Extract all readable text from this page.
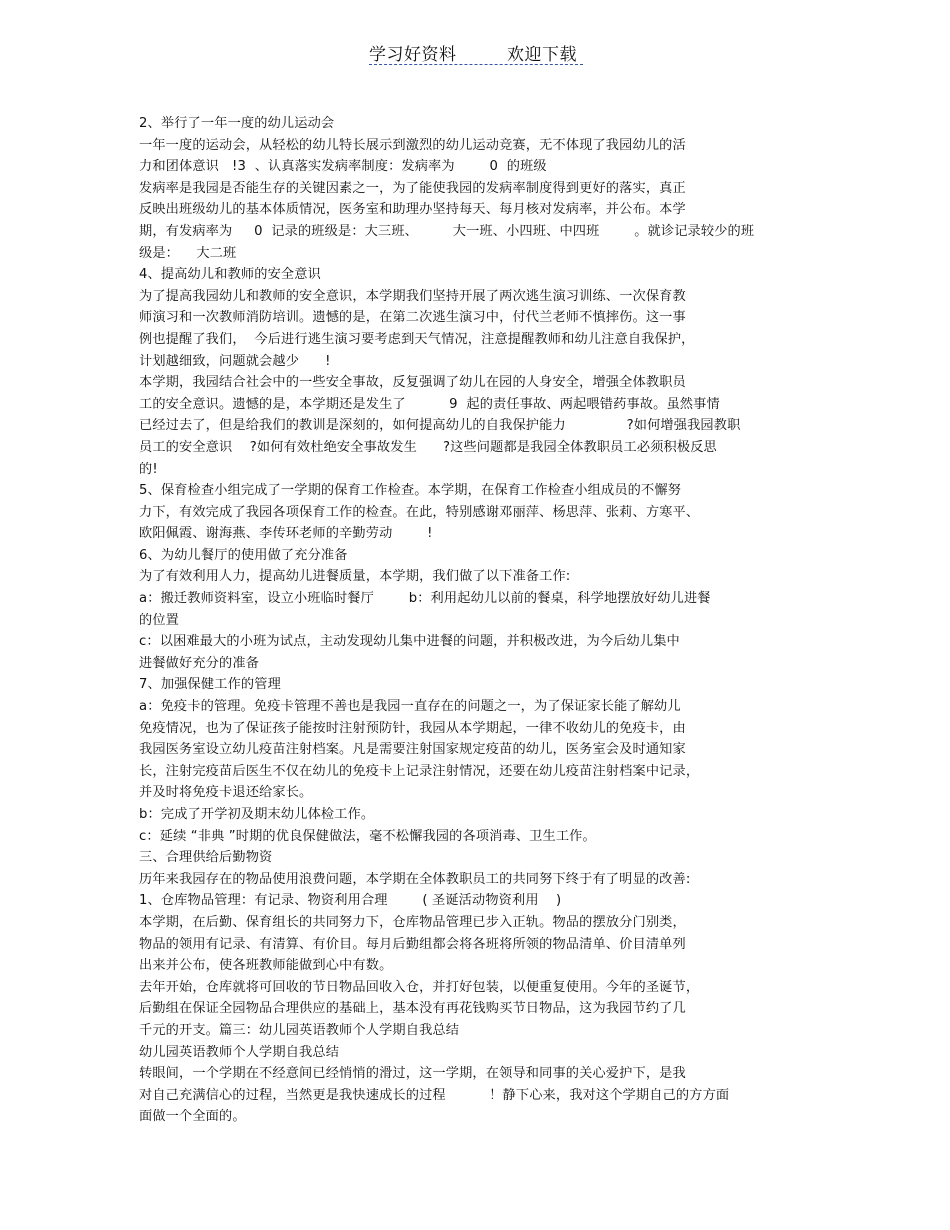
学习好资料	欢迎下载
2、举行了一年一度的幼儿运动会
一年一度的运动会，从轻松的幼儿特长展示到激烈的幼儿运动竞赛，无不体现了我园幼儿的活
力和团体意识   !3  、认真落实发病率制度：发病率为        0  的班级
发病率是我园是否能生存的关键因素之一，为了能使我园的发病率制度得到更好的落实，真正
反映出班级幼儿的基本体质情况，医务室和助理办坚持每天、每月核对发病率，并公布。本学
期，有发病率为     0  记录的班级是：大三班、        大一班、小四班、中四班        。就诊记录较少的班
级是：    大二班
4、提高幼儿和教师的安全意识
为了提高我园幼儿和教师的安全意识，本学期我们坚持开展了两次逃生演习训练、一次保育教
师演习和一次教师消防培训。遗憾的是，在第二次逃生演习中，付代兰老师不慎摔伤。这一事
例也提醒了我们，  今后进行逃生演习要考虑到天气情况，注意提醒教师和幼儿注意自我保护，
计划越细致，问题就会越少      !
本学期，我园结合社会中的一些安全事故，反复强调了幼儿在园的人身安全，增强全体教职员
工的安全意识。遗憾的是，本学期还是发生了          9  起的责任事故、两起喂错药事故。虽然事情
已经过去了，但是给我们的教训是深刻的，如何提高幼儿的自我保护能力              ?如何增强我园教职
员工的安全意识    ?如何有效杜绝安全事故发生      ?这些问题都是我园全体教职员工必须积极反思
的!
5、保育检查小组完成了一学期的保育工作检查。本学期，在保育工作检查小组成员的不懈努
力下，有效完成了我园各项保育工作的检查。在此，特别感谢邓丽萍、杨思萍、张莉、方寒平、
欧阳佩霞、谢海燕、李传环老师的辛勤劳动        !
6、为幼儿餐厅的使用做了充分准备
为了有效利用人力，提高幼儿进餐质量，本学期，我们做了以下准备工作:
a：搬迁教师资料室，设立小班临时餐厅        b：利用起幼儿以前的餐桌，科学地摆放好幼儿进餐
的位置
c：以困难最大的小班为试点，主动发现幼儿集中进餐的问题，并积极改进，为今后幼儿集中
进餐做好充分的准备
7、加强保健工作的管理
a：免疫卡的管理。免疫卡管理不善也是我园一直存在的问题之一，为了保证家长能了解幼儿
免疫情况，也为了保证孩子能按时注射预防针，我园从本学期起，一律不收幼儿的免疫卡，由
我园医务室设立幼儿疫苗注射档案。凡是需要注射国家规定疫苗的幼儿，医务室会及时通知家
长，注射完疫苗后医生不仅在幼儿的免疫卡上记录注射情况，还要在幼儿疫苗注射档案中记录，
并及时将免疫卡退还给家长。
b：完成了开学初及期末幼儿体检工作。
c：延续 “非典 ”时期的优良保健做法，毫不松懈我园的各项消毒、卫生工作。
三、合理供给后勤物资
历年来我园存在的物品使用浪费问题，本学期在全体教职员工的共同努下终于有了明显的改善:
1、仓库物品管理：有记录、物资利用合理        ( 圣诞活动物资利用    )
本学期，在后勤、保育组长的共同努力下，仓库物品管理已步入正轨。物品的摆放分门别类，
物品的领用有记录、有清算、有价目。每月后勤组都会将各班将所领的物品清单、价目清单列
出来并公布，使各班教师能做到心中有数。
去年开始，仓库就将可回收的节日物品回收入仓，并打好包装，以便重复使用。今年的圣诞节，
后勤组在保证全园物品合理供应的基础上，基本没有再花钱购买节日物品，这为我园节约了几
千元的开支。篇三：幼儿园英语教师个人学期自我总结
幼儿园英语教师个人学期自我总结
转眼间，一个学期在不经意间已经悄悄的滑过，这一学期，在领导和同事的关心爱护下，是我
对自己充满信心的过程，当然更是我快速成长的过程          ！静下心来，我对这个学期自己的方方面
面做一个全面的。
